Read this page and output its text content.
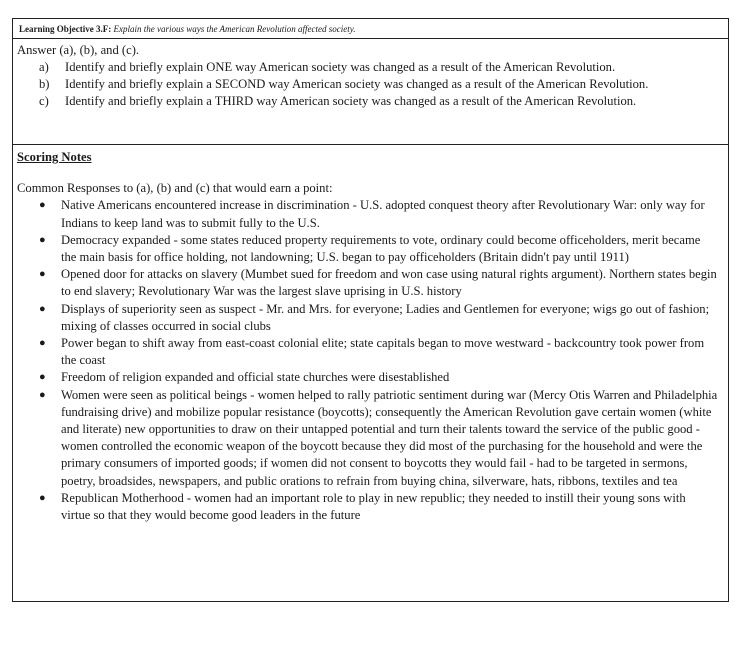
Learning Objective 3.F: Explain the various ways the American Revolution affected society.
Answer (a), (b), and (c).
a)	Identify and briefly explain ONE way American society was changed as a result of the American Revolution.
b)	Identify and briefly explain a SECOND way American society was changed as a result of the American Revolution.
c)	Identify and briefly explain a THIRD way American society was changed as a result of the American Revolution.
Scoring Notes
Common Responses to (a), (b) and (c) that would earn a point:
●	Native Americans encountered increase in discrimination - U.S. adopted conquest theory after Revolutionary War: only way for Indians to keep land was to submit fully to the U.S.
●	Democracy expanded - some states reduced property requirements to vote, ordinary could become officeholders, merit became the main basis for office holding, not landowning; U.S. began to pay officeholders (Britain didn't pay until 1911)
●	Opened door for attacks on slavery (Mumbet sued for freedom and won case using natural rights argument). Northern states begin to end slavery; Revolutionary War was the largest slave uprising in U.S. history
●	Displays of superiority seen as suspect - Mr. and Mrs. for everyone; Ladies and Gentlemen for everyone; wigs go out of fashion; mixing of classes occurred in social clubs
●	Power began to shift away from east-coast colonial elite; state capitals began to move westward - backcountry took power from the coast
●	Freedom of religion expanded and official state churches were disestablished
●	Women were seen as political beings - women helped to rally patriotic sentiment during war (Mercy Otis Warren and Philadelphia fundraising drive) and mobilize popular resistance (boycotts); consequently the American Revolution gave certain women (white and literate) new opportunities to draw on their untapped potential and turn their talents toward the service of the public good - women controlled the economic weapon of the boycott because they did most of the purchasing for the household and were the primary consumers of imported goods; if women did not consent to boycotts they would fail - had to be targeted in sermons, poetry, broadsides, newspapers, and public orations to refrain from buying china, silverware, hats, ribbons, textiles and tea
●	Republican Motherhood - women had an important role to play in new republic; they needed to instill their young sons with virtue so that they would become good leaders in the future
